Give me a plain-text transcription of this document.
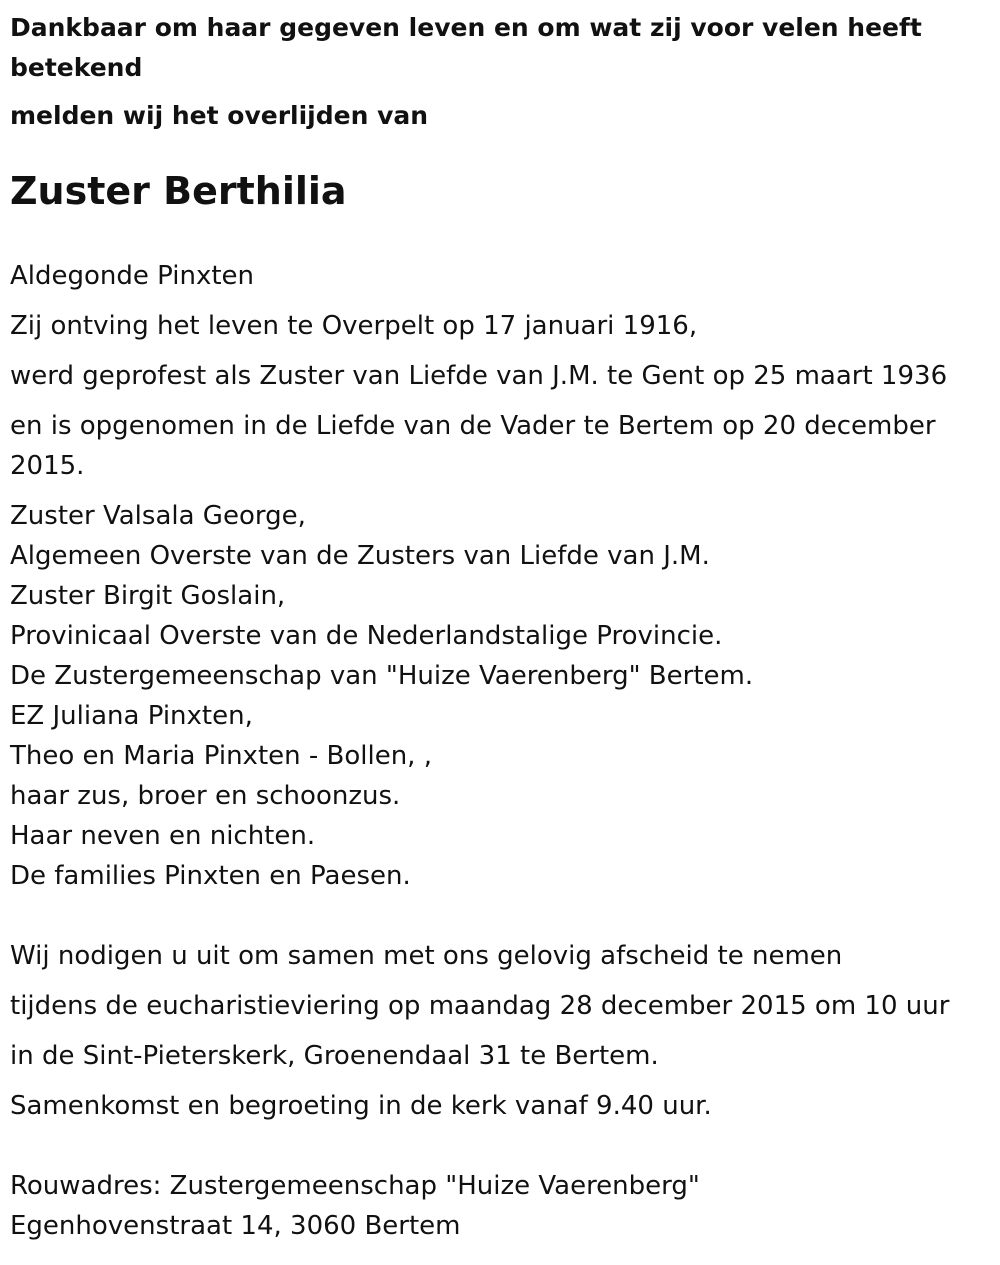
Dankbaar om haar gegeven leven en om wat zij voor velen heeft betekend

melden wij het overlijden van

Zuster Berthilia

Aldegonde Pinxten

Zij ontving het leven te Overpelt op 17 januari 1916,

werd geprofest als Zuster van Liefde van J.M. te Gent op 25 maart 1936

en is opgenomen in de Liefde van de Vader te Bertem op 20 december 2015.

Zuster Valsala George,
Algemeen Overste van de Zusters van Liefde van J.M.
Zuster Birgit Goslain,
Provinicaal Overste van de Nederlandstalige Provincie.
De Zustergemeenschap van "Huize Vaerenberg" Bertem.
EZ Juliana Pinxten,
Theo en Maria Pinxten - Bollen, ,
haar zus, broer en schoonzus.
Haar neven en nichten.
De families Pinxten en Paesen.

Wij nodigen u uit om samen met ons gelovig afscheid te nemen

tijdens de eucharistieviering op maandag 28 december 2015 om 10 uur

in de Sint-Pieterskerk, Groenendaal 31 te Bertem.

Samenkomst en begroeting in de kerk vanaf 9.40 uur.

Rouwadres: Zustergemeenschap "Huize Vaerenberg"

Egenhovenstraat 14, 3060 Bertem
